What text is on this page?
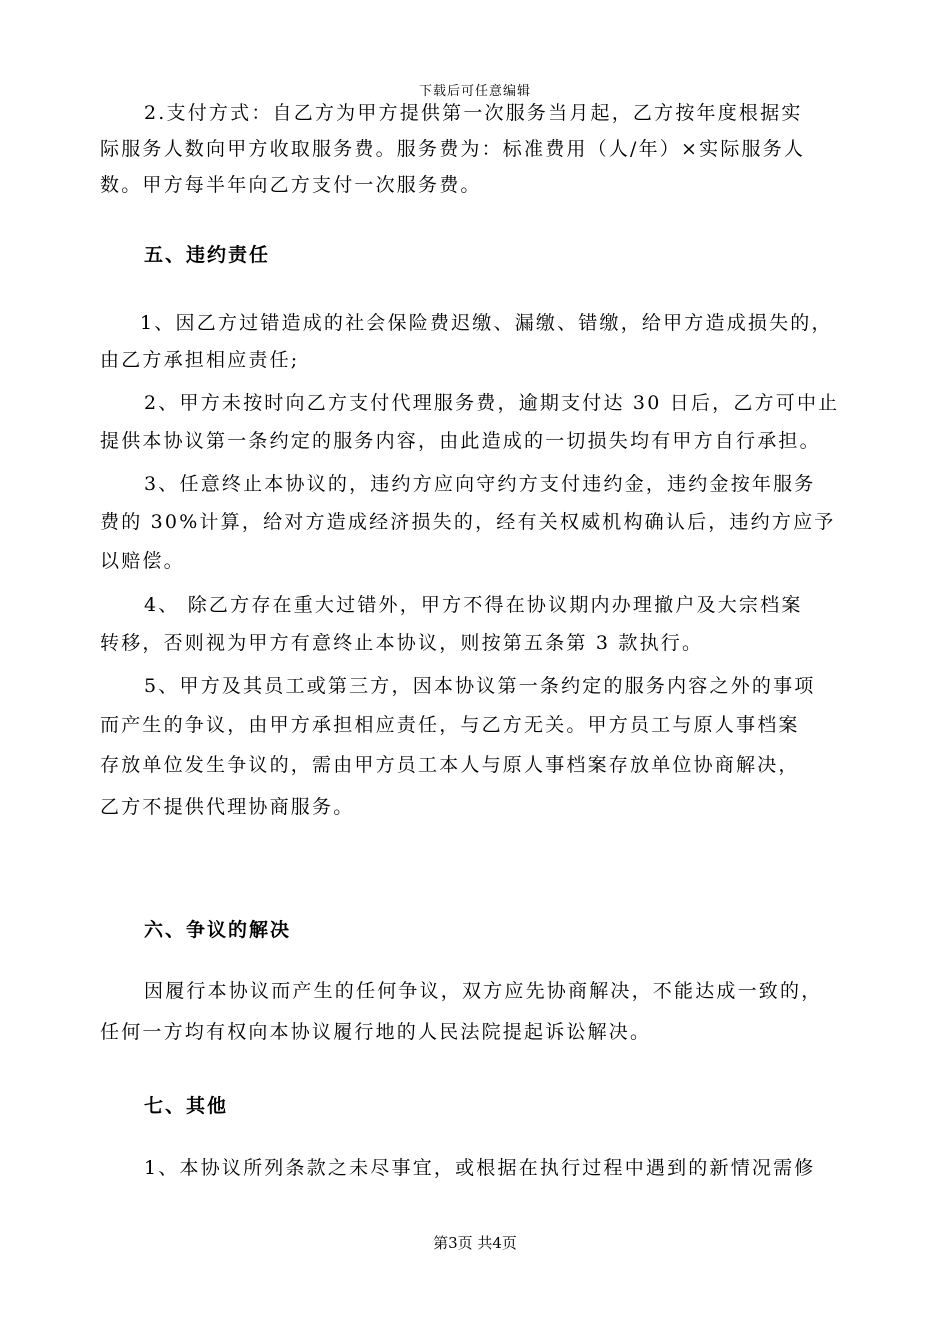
下载后可任意编辑
2.支付方式：自乙方为甲方提供第一次服务当月起，乙方按年度根据实
际服务人数向甲方收取服务费。服务费为：标准费用（人/年）×实际服务人
数。甲方每半年向乙方支付一次服务费。
五、违约责任
1、因乙方过错造成的社会保险费迟缴、漏缴、错缴，给甲方造成损失的，
由乙方承担相应责任;
2、甲方未按时向乙方支付代理服务费，逾期支付达 30 日后，乙方可中止
提供本协议第一条约定的服务内容，由此造成的一切损失均有甲方自行承担。
3、任意终止本协议的，违约方应向守约方支付违约金，违约金按年服务
费的 30%计算，给对方造成经济损失的，经有关权威机构确认后，违约方应予
以赔偿。
4、 除乙方存在重大过错外，甲方不得在协议期内办理撤户及大宗档案
转移，否则视为甲方有意终止本协议，则按第五条第 3 款执行。
5、甲方及其员工或第三方，因本协议第一条约定的服务内容之外的事项
而产生的争议，由甲方承担相应责任，与乙方无关。甲方员工与原人事档案
存放单位发生争议的，需由甲方员工本人与原人事档案存放单位协商解决，
乙方不提供代理协商服务。
六、争议的解决
因履行本协议而产生的任何争议，双方应先协商解决，不能达成一致的，
任何一方均有权向本协议履行地的人民法院提起诉讼解决。
七、其他
1、本协议所列条款之未尽事宜，或根据在执行过程中遇到的新情况需修
第3页 共4页
